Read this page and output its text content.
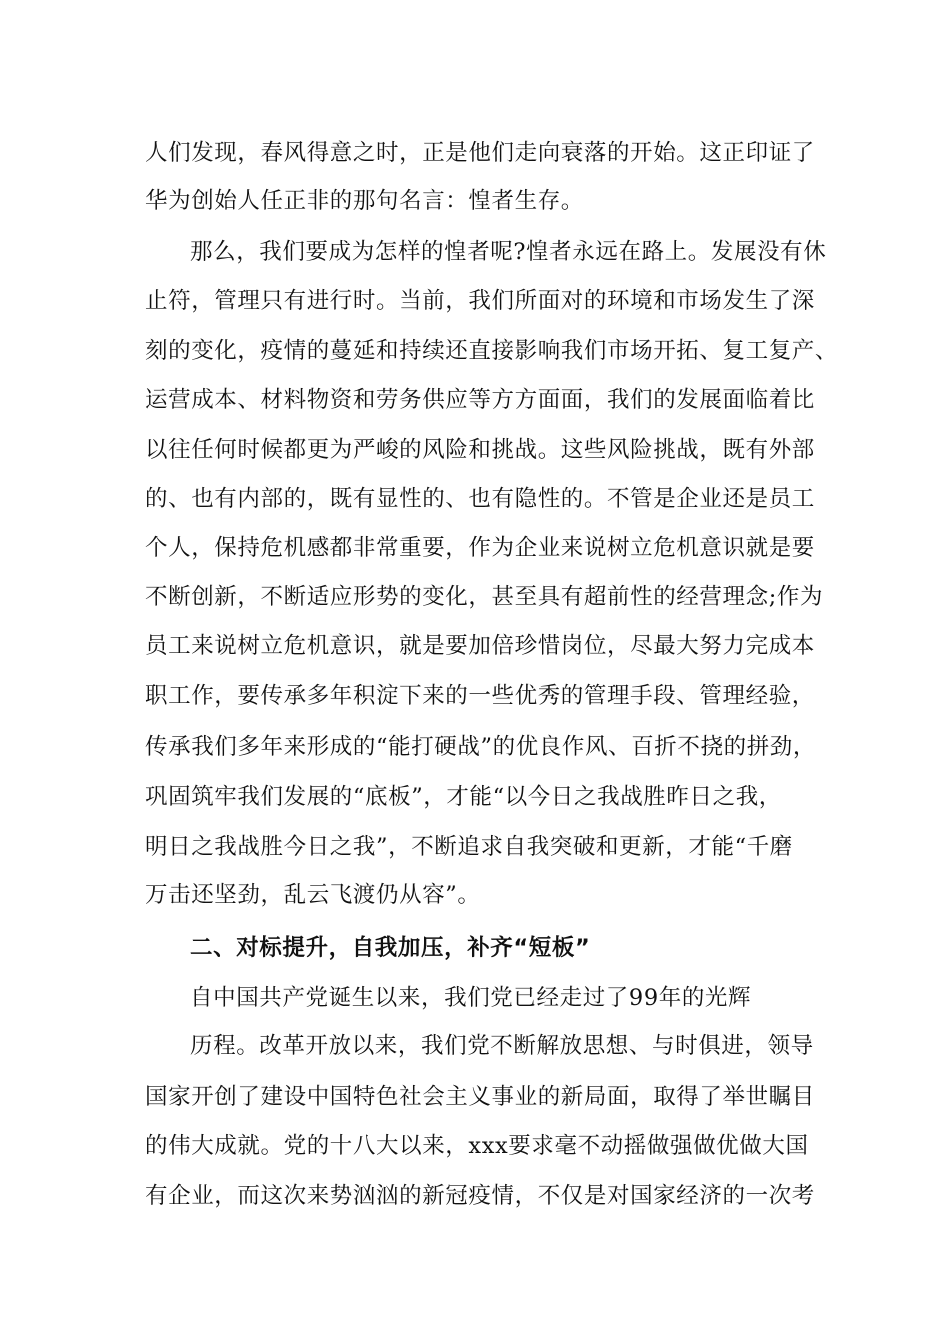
人们发现，春风得意之时，正是他们走向衰落的开始。这正印证了
华为创始人任正非的那句名言：惶者生存。
那么，我们要成为怎样的惶者呢?惶者永远在路上。发展没有休
止符，管理只有进行时。当前，我们所面对的环境和市场发生了深
刻的变化，疫情的蔓延和持续还直接影响我们市场开拓、复工复产、
运营成本、材料物资和劳务供应等方方面面，我们的发展面临着比
以往任何时候都更为严峻的风险和挑战。这些风险挑战，既有外部
的、也有内部的，既有显性的、也有隐性的。不管是企业还是员工
个人，保持危机感都非常重要，作为企业来说树立危机意识就是要
不断创新，不断适应形势的变化，甚至具有超前性的经营理念;作为
员工来说树立危机意识，就是要加倍珍惜岗位，尽最大努力完成本
职工作，要传承多年积淀下来的一些优秀的管理手段、管理经验，
传承我们多年来形成的“能打硬战”的优良作风、百折不挠的拼劲，
巩固筑牢我们发展的“底板”，才能“以今日之我战胜昨日之我，
明日之我战胜今日之我”，不断追求自我突破和更新，才能“千磨
万击还坚劲，乱云飞渡仍从容”。
二、对标提升，自我加压，补齐“短板”
自中国共产党诞生以来，我们党已经走过了99年的光辉
历程。改革开放以来，我们党不断解放思想、与时俱进，领导
国家开创了建设中国特色社会主义事业的新局面，取得了举世瞩目
的伟大成就。党的十八大以来，xxx要求毫不动摇做强做优做大国
有企业，而这次来势汹汹的新冠疫情，不仅是对国家经济的一次考
